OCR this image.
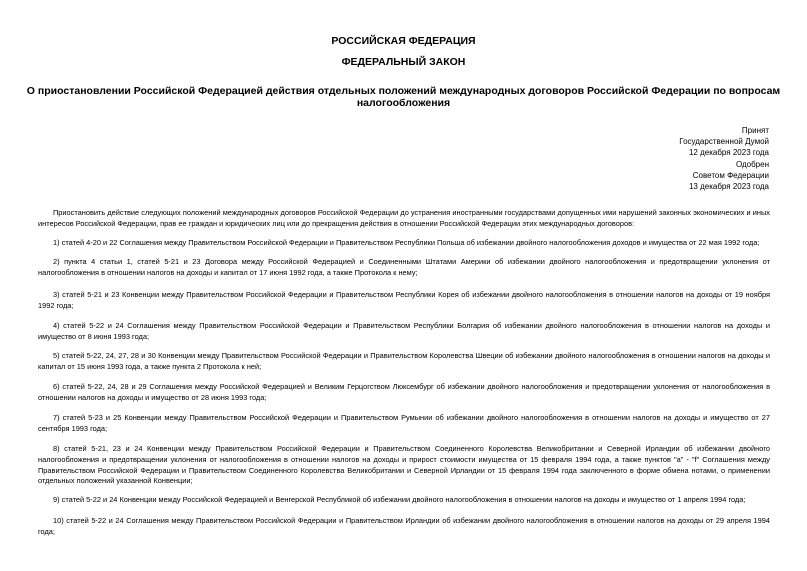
РОССИЙСКАЯ ФЕДЕРАЦИЯ
ФЕДЕРАЛЬНЫЙ ЗАКОН
О приостановлении Российской Федерацией действия отдельных положений международных договоров Российской Федерации по вопросам налогообложения
Принят
Государственной Думой
12 декабря 2023 года
Одобрен
Советом Федерации
13 декабря 2023 года
Приостановить действие следующих положений международных договоров Российской Федерации до устранения иностранными государствами допущенных ими нарушений законных экономических и иных интересов Российской Федерации, прав ее граждан и юридических лиц или до прекращения действия в отношении Российской Федерации этих международных договоров:
1) статей 4-20 и 22 Соглашения между Правительством Российской Федерации и Правительством Республики Польша об избежании двойного налогообложения доходов и имущества от 22 мая 1992 года;
2) пункта 4 статьи 1, статей 5-21 и 23 Договора между Российской Федерацией и Соединенными Штатами Америки об избежании двойного налогообложения и предотвращении уклонения от налогообложения в отношении налогов на доходы и капитал от 17 июня 1992 года, а также Протокола к нему;
3) статей 5-21 и 23 Конвенции между Правительством Российской Федерации и Правительством Республики Корея об избежании двойного налогообложения в отношении налогов на доходы от 19 ноября 1992 года;
4) статей 5-22 и 24 Соглашения между Правительством Российской Федерации и Правительством Республики Болгария об избежании двойного налогообложения в отношении налогов на доходы и имущество от 8 июня 1993 года;
5) статей 5-22, 24, 27, 28 и 30 Конвенции между Правительством Российской Федерации и Правительством Королевства Швеции об избежании двойного налогообложения в отношении налогов на доходы и капитал от 15 июня 1993 года, а также пункта 2 Протокола к ней;
6) статей 5-22, 24, 28 и 29 Соглашения между Российской Федерацией и Великим Герцогством Люксембург об избежании двойного налогообложения и предотвращении уклонения от налогообложения в отношении налогов на доходы и имущество от 28 июня 1993 года;
7) статей 5-23 и 25 Конвенции между Правительством Российской Федерации и Правительством Румынии об избежании двойного налогообложения в отношении налогов на доходы и имущество от 27 сентября 1993 года;
8) статей 5-21, 23 и 24 Конвенции между Правительством Российской Федерации и Правительством Соединенного Королевства Великобритании и Северной Ирландии об избежании двойного налогообложения и предотвращении уклонения от налогообложения в отношении налогов на доходы и прирост стоимости имущества от 15 февраля 1994 года, а также пунктов "a" - "f" Соглашения между Правительством Российской Федерации и Правительством Соединенного Королевства Великобритании и Северной Ирландии от 15 февраля 1994 года заключенного в форме обмена нотами, о применении отдельных положений указанной Конвенции;
9) статей 5-22 и 24 Конвенции между Российской Федерацией и Венгерской Республикой об избежании двойного налогообложения в отношении налогов на доходы и имущество от 1 апреля 1994 года;
10) статей 5-22 и 24 Соглашения между Правительством Российской Федерации и Правительством Ирландии об избежании двойного налогообложения в отношении налогов на доходы от 29 апреля 1994 года;
